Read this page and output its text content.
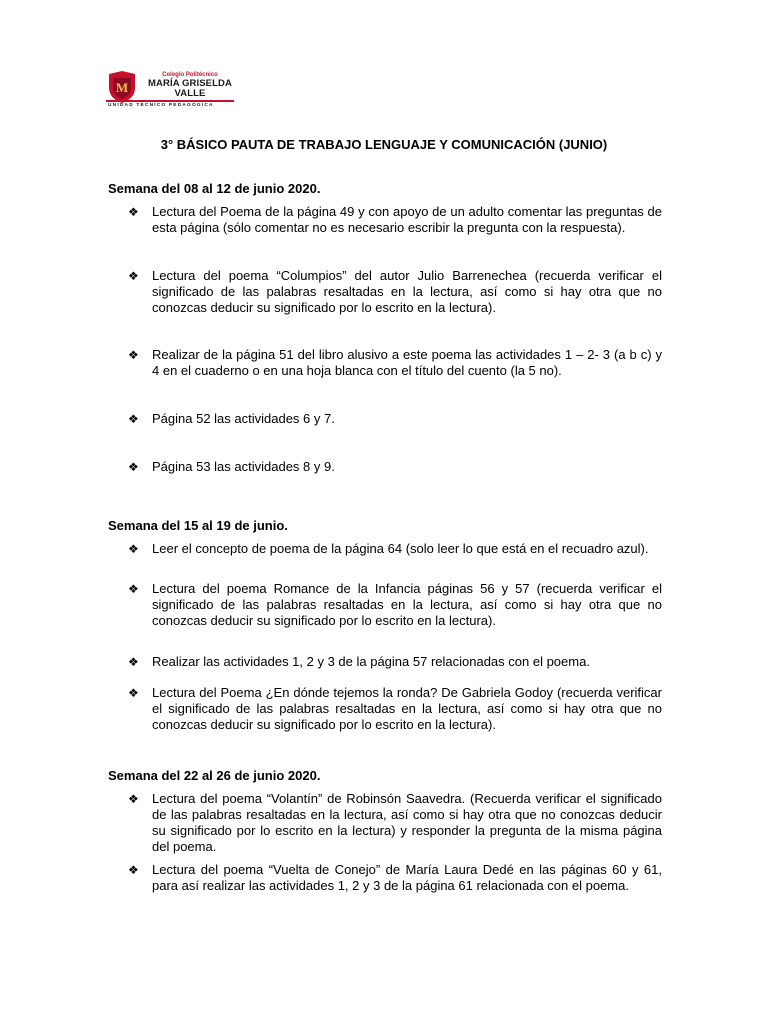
M
Colegio Politécnico
MARÍA GRISELDA
VALLE
UNIDAD TÉCNICO PEDAGÓGICA
3° BÁSICO PAUTA DE TRABAJO LENGUAJE Y COMUNICACIÓN (JUNIO)
Semana del 08 al 12 de junio 2020.
❖ Lectura del Poema de la página 49 y con apoyo de un adulto comentar las preguntas de esta página (sólo comentar no es necesario escribir la pregunta con la respuesta).
❖ Lectura del poema “Columpios” del autor Julio Barrenechea (recuerda verificar el significado de las palabras resaltadas en la lectura, así como si hay otra que no conozcas deducir su significado por lo escrito en la lectura).
❖ Realizar de la página 51 del libro alusivo a este poema las actividades 1 – 2- 3 (a b c) y 4 en el cuaderno o en una hoja blanca con el título del cuento (la 5 no).
❖ Página 52 las actividades 6 y 7.
❖ Página 53 las actividades 8 y 9.
Semana del 15 al 19 de junio.
❖ Leer el concepto de poema de la página 64 (solo leer lo que está en el recuadro azul).
❖ Lectura del poema Romance de la Infancia páginas 56 y 57 (recuerda verificar el significado de las palabras resaltadas en la lectura, así como si hay otra que no conozcas deducir su significado por lo escrito en la lectura).
❖ Realizar las actividades 1, 2 y 3 de la página 57 relacionadas con el poema.
❖ Lectura del Poema ¿En dónde tejemos la ronda? De Gabriela Godoy (recuerda verificar el significado de las palabras resaltadas en la lectura, así como si hay otra que no conozcas deducir su significado por lo escrito en la lectura).
Semana del 22 al 26 de junio 2020.
❖ Lectura del poema “Volantín” de Robinsón Saavedra. (Recuerda verificar el significado de las palabras resaltadas en la lectura, así como si hay otra que no conozcas deducir su significado por lo escrito en la lectura) y responder la pregunta de la misma página del poema.
❖ Lectura del poema “Vuelta de Conejo” de María Laura Dedé en las páginas 60 y 61, para así realizar las actividades 1, 2 y 3 de la página 61 relacionada con el poema.
